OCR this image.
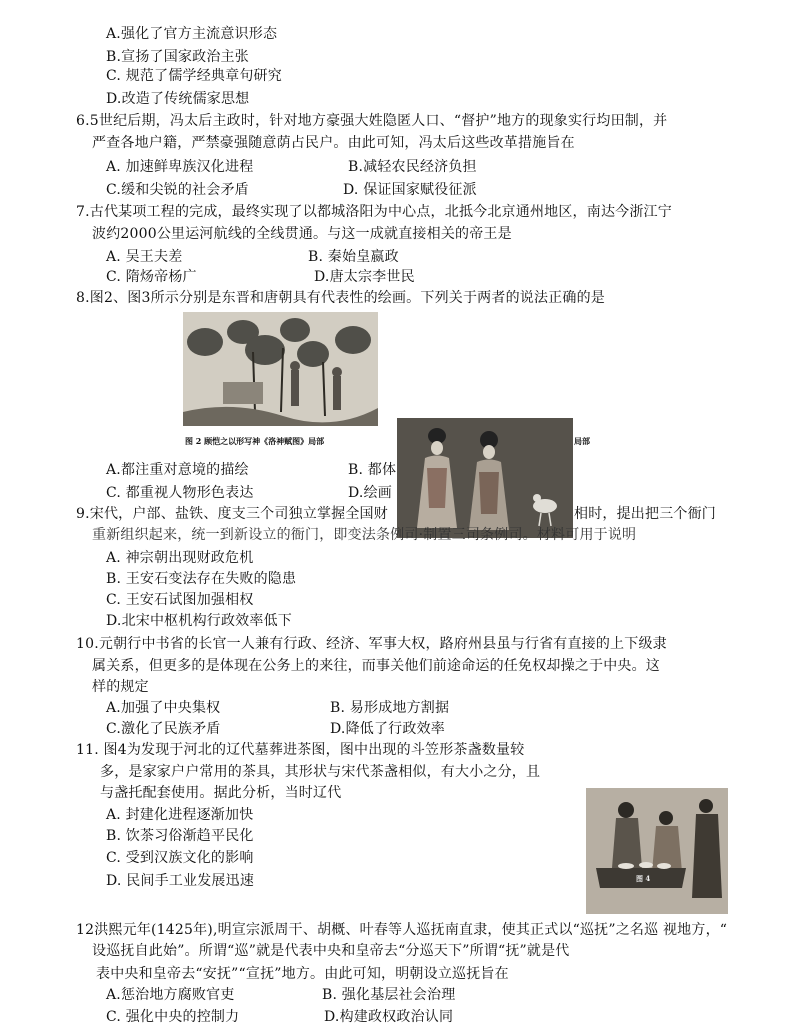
A.强化了官方主流意识形态
B.宣扬了国家政治主张
C. 规范了儒学经典章句研究
D.改造了传统儒家思想
6.5世纪后期，冯太后主政时，针对地方豪强大姓隐匿人口、“督护”地方的现象实行均田制，并
严查各地户籍，严禁豪强随意荫占民户。由此可知，冯太后这些改革措施旨在
A. 加速鲜卑族汉化进程	B.减轻农民经济负担
C.缓和尖锐的社会矛盾	D. 保证国家赋役征派
7.古代某项工程的完成，最终实现了以都城洛阳为中心点，北抵今北京通州地区，南达今浙江宁
波约2000公里运河航线的全线贯通。与这一成就直接相关的帝王是
A. 吴王夫差	B. 秦始皇嬴政
C. 隋炀帝杨广	D.唐太宗李世民
8.图2、图3所示分别是东晋和唐朝具有代表性的绘画。下列关于两者的说法正确的是
图 2 顾恺之以形写神《洛神赋图》局部	局部
A.都注重对意境的描绘	B. 都体
C. 都重视人物形色表达	D.绘画
9.宋代，户部、盐铁、度支三个司独立掌握全国财	相时，提出把三个衙门
重新组织起来，统一到新设立的衙门，即变法条例司·制置三司条例司。材料可用于说明
A. 神宗朝出现财政危机
B. 王安石变法存在失败的隐患
C. 王安石试图加强相权
D.北宋中枢机构行政效率低下
10.元朝行中书省的长官一人兼有行政、经济、军事大权，路府州县虽与行省有直接的上下级隶
属关系，但更多的是体现在公务上的来往，而事关他们前途命运的任免权却操之于中央。这
样的规定
A.加强了中央集权	B. 易形成地方割据
C.激化了民族矛盾	D.降低了行政效率
11. 图4为发现于河北的辽代墓葬进茶图，图中出现的斗笠形茶盏数量较
多，是家家户户常用的茶具，其形状与宋代茶盏相似，有大小之分，且
与盏托配套使用。据此分析，当时辽代
A. 封建化进程逐渐加快
B. 饮茶习俗渐趋平民化
C. 受到汉族文化的影响
D. 民间手工业发展迅速	图 4
12洪熙元年(1425年),明宣宗派周干、胡概、叶春等人巡抚南直隶，使其正式以“巡抚”之名巡 视地方，“
设巡抚自此始”。所谓“巡”就是代表中央和皇帝去“分巡天下”所谓“抚”就是代
表中央和皇帝去“安抚”“宣抚”地方。由此可知，明朝设立巡抚旨在
A.惩治地方腐败官吏	B. 强化基层社会治理
C. 强化中央的控制力	D.构建政权政治认同
